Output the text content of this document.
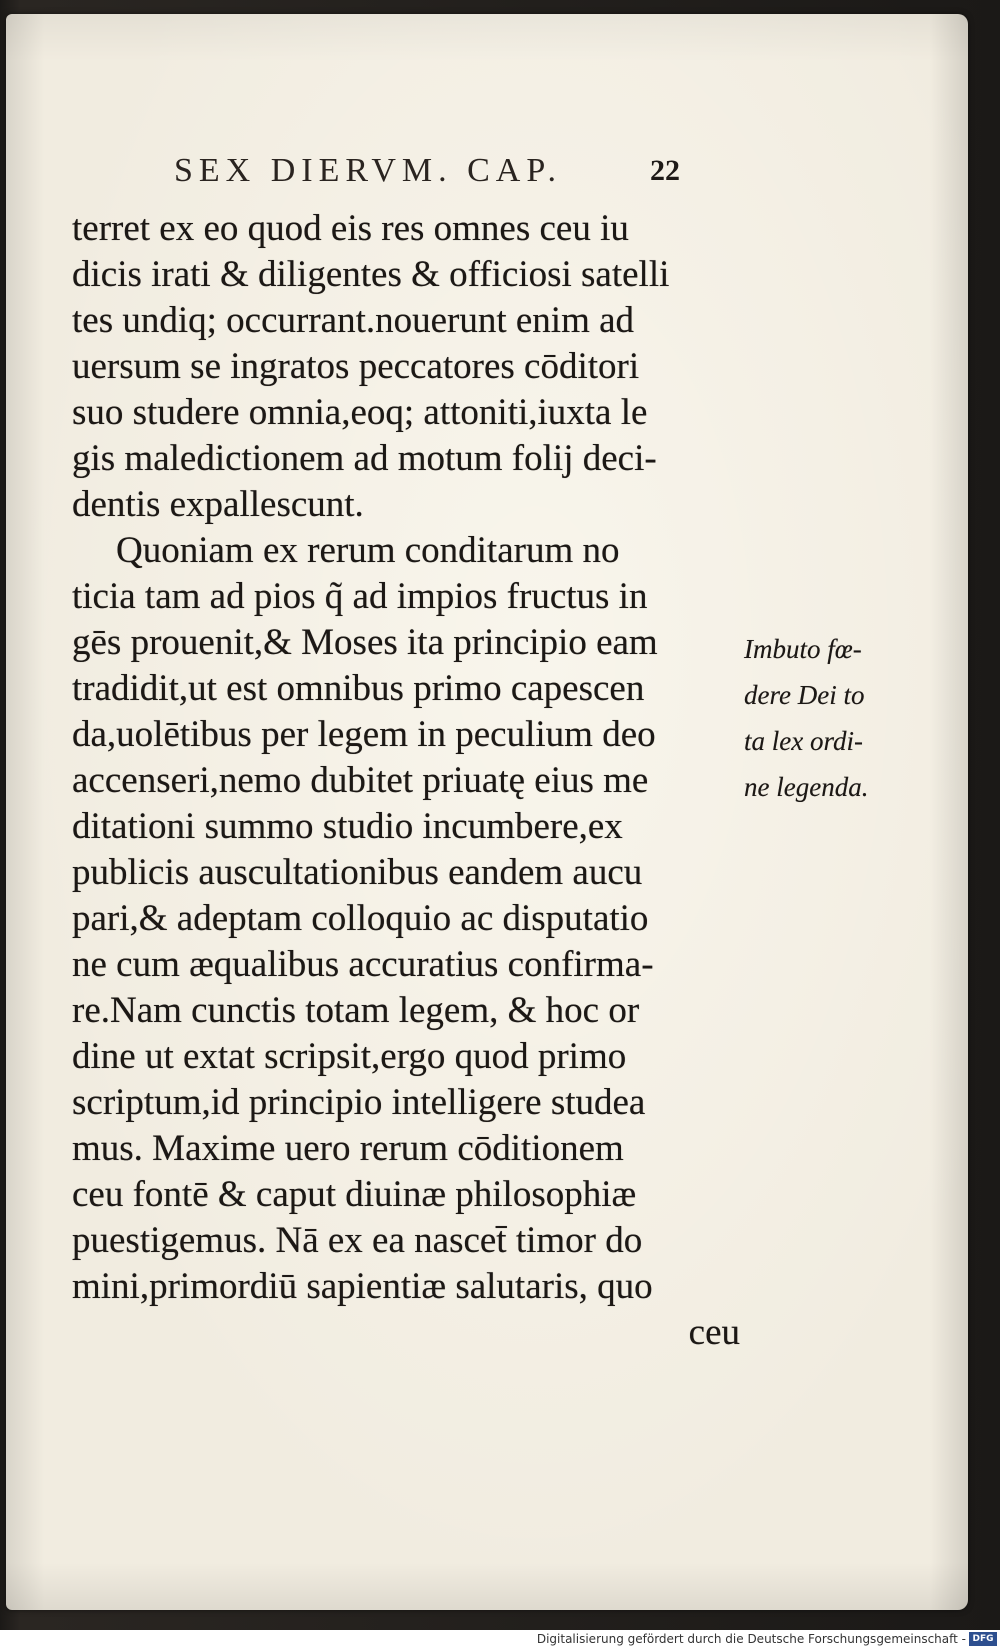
SEX DIERVM. CAP.	22
terret ex eo quod eis res omnes ceu iu
dicis irati & diligentes & officiosi satelli
tes undiq; occurrant.nouerunt enim ad
uersum se ingratos peccatores cōditori
suo studere omnia,eoq; attoniti,iuxta le
gis maledictionem ad motum folij deci-
dentis expallescunt.
Quoniam ex rerum conditarum no
ticia tam ad pios q̃ ad impios fructus in
gēs prouenit,& Moses ita principio eam
tradidit,ut est omnibus primo capescen
da,uolētibus per legem in peculium deo
accenseri,nemo dubitet priuatę eius me
ditationi summo studio incumbere,ex
publicis auscultationibus eandem aucu
pari,& adeptam colloquio ac disputatio
ne cum æqualibus accuratius confirma-
re.Nam cunctis totam legem, & hoc or
dine ut extat scripsit,ergo quod primo
scriptum,id principio intelligere studea
mus. Maxime uero rerum cōditionem
ceu fontē & caput diuinæ philosophiæ
puestigemus. Nā ex ea nascet̄ timor do
mini,primordiū sapientiæ salutaris, quo
ceu
Imbuto fœ-
dere Dei to
ta lex ordi-
ne legenda.
Digitalisierung gefördert durch die Deutsche Forschungsgemeinschaft - DFG
